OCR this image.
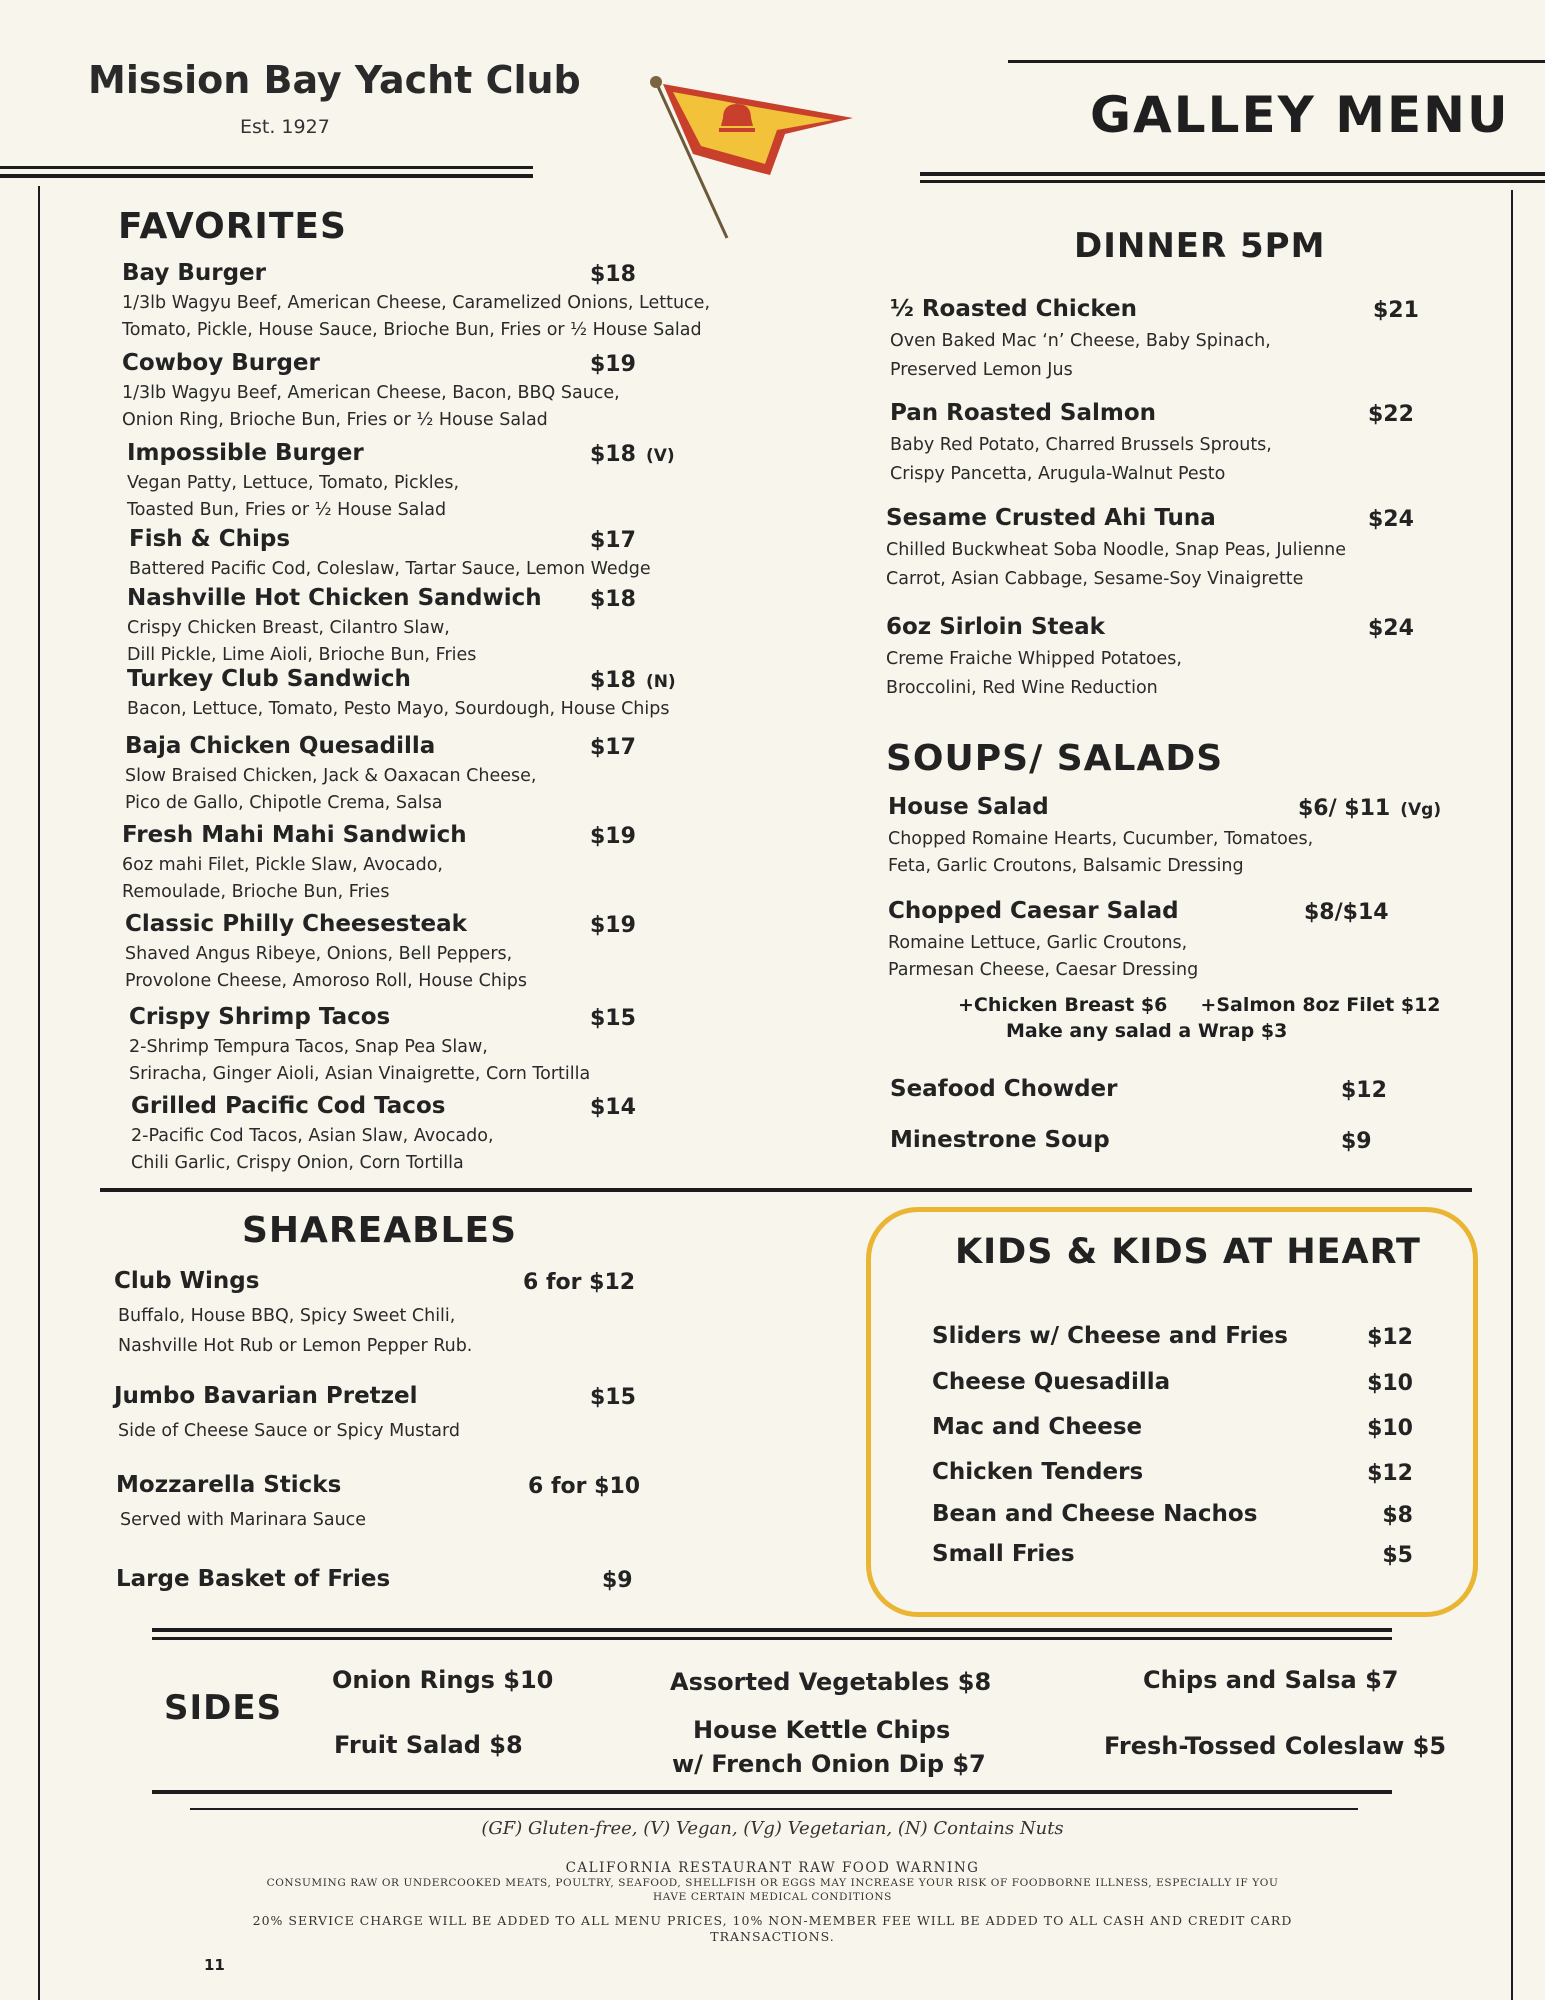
Mission Bay Yacht Club
Est. 1927	GALLEY MENU
FAVORITES
Bay Burger	$18
1/3lb Wagyu Beef, American Cheese, Caramelized Onions, Lettuce,
Tomato, Pickle, House Sauce, Brioche Bun, Fries or ½ House Salad
Cowboy Burger	$19
1/3lb Wagyu Beef, American Cheese, Bacon, BBQ Sauce,
Onion Ring, Brioche Bun, Fries or ½ House Salad
Impossible Burger	$18 (V)
Vegan Patty, Lettuce, Tomato, Pickles,
Toasted Bun, Fries or ½ House Salad
Fish & Chips	$17
Battered Pacific Cod, Coleslaw, Tartar Sauce, Lemon Wedge
Nashville Hot Chicken Sandwich $18
Crispy Chicken Breast, Cilantro Slaw,
Dill Pickle, Lime Aioli, Brioche Bun, Fries
Turkey Club Sandwich	$18 (N)
Bacon, Lettuce, Tomato, Pesto Mayo, Sourdough, House Chips
Baja Chicken Quesadilla	$17
Slow Braised Chicken, Jack & Oaxacan Cheese,
Pico de Gallo, Chipotle Crema, Salsa
Fresh Mahi Mahi Sandwich	$19
6oz mahi Filet, Pickle Slaw, Avocado,
Remoulade, Brioche Bun, Fries
Classic Philly Cheesesteak	$19
Shaved Angus Ribeye, Onions, Bell Peppers,
Provolone Cheese, Amoroso Roll, House Chips
Crispy Shrimp Tacos	$15
2-Shrimp Tempura Tacos, Snap Pea Slaw,
Sriracha, Ginger Aioli, Asian Vinaigrette, Corn Tortilla
Grilled Pacific Cod Tacos	$14
2-Pacific Cod Tacos, Asian Slaw, Avocado,
Chili Garlic, Crispy Onion, Corn Tortilla
DINNER 5PM
½ Roasted Chicken	$21
Oven Baked Mac ‘n’ Cheese, Baby Spinach,
Preserved Lemon Jus
Pan Roasted Salmon	$22
Baby Red Potato, Charred Brussels Sprouts,
Crispy Pancetta, Arugula-Walnut Pesto
Sesame Crusted Ahi Tuna	$24
Chilled Buckwheat Soba Noodle, Snap Peas, Julienne
Carrot, Asian Cabbage, Sesame-Soy Vinaigrette
6oz Sirloin Steak	$24
Creme Fraiche Whipped Potatoes,
Broccolini, Red Wine Reduction
SOUPS/ SALADS
House Salad	$6/ $11 (Vg)
Chopped Romaine Hearts, Cucumber, Tomatoes,
Feta, Garlic Croutons, Balsamic Dressing
Chopped Caesar Salad	$8/$14
Romaine Lettuce, Garlic Croutons,
Parmesan Cheese, Caesar Dressing
+Chicken Breast $6     +Salmon 8oz Filet $12
Make any salad a Wrap $3
Seafood Chowder	$12
Minestrone Soup	$9
SHAREABLES
Club Wings	6 for $12
Buffalo, House BBQ, Spicy Sweet Chili,
Nashville Hot Rub or Lemon Pepper Rub.
Jumbo Bavarian Pretzel	$15
Side of Cheese Sauce or Spicy Mustard
Mozzarella Sticks	6 for $10
Served with Marinara Sauce
Large Basket of Fries	$9
KIDS & KIDS AT HEART
Sliders w/ Cheese and Fries	$12
Cheese Quesadilla	$10
Mac and Cheese	$10
Chicken Tenders	$12
Bean and Cheese Nachos	$8
Small Fries	$5
SIDES
Onion Rings $10
Fruit Salad $8
Assorted Vegetables $8
House Kettle Chips
w/ French Onion Dip $7
Chips and Salsa $7
Fresh-Tossed Coleslaw $5
(GF) Gluten-free, (V) Vegan, (Vg) Vegetarian, (N) Contains Nuts
CALIFORNIA RESTAURANT RAW FOOD WARNING
CONSUMING RAW OR UNDERCOOKED MEATS, POULTRY, SEAFOOD, SHELLFISH OR EGGS MAY INCREASE YOUR RISK OF FOODBORNE ILLNESS, ESPECIALLY IF YOU
HAVE CERTAIN MEDICAL CONDITIONS
20% SERVICE CHARGE WILL BE ADDED TO ALL MENU PRICES, 10% NON-MEMBER FEE WILL BE ADDED TO ALL CASH AND CREDIT CARD
TRANSACTIONS.
11
